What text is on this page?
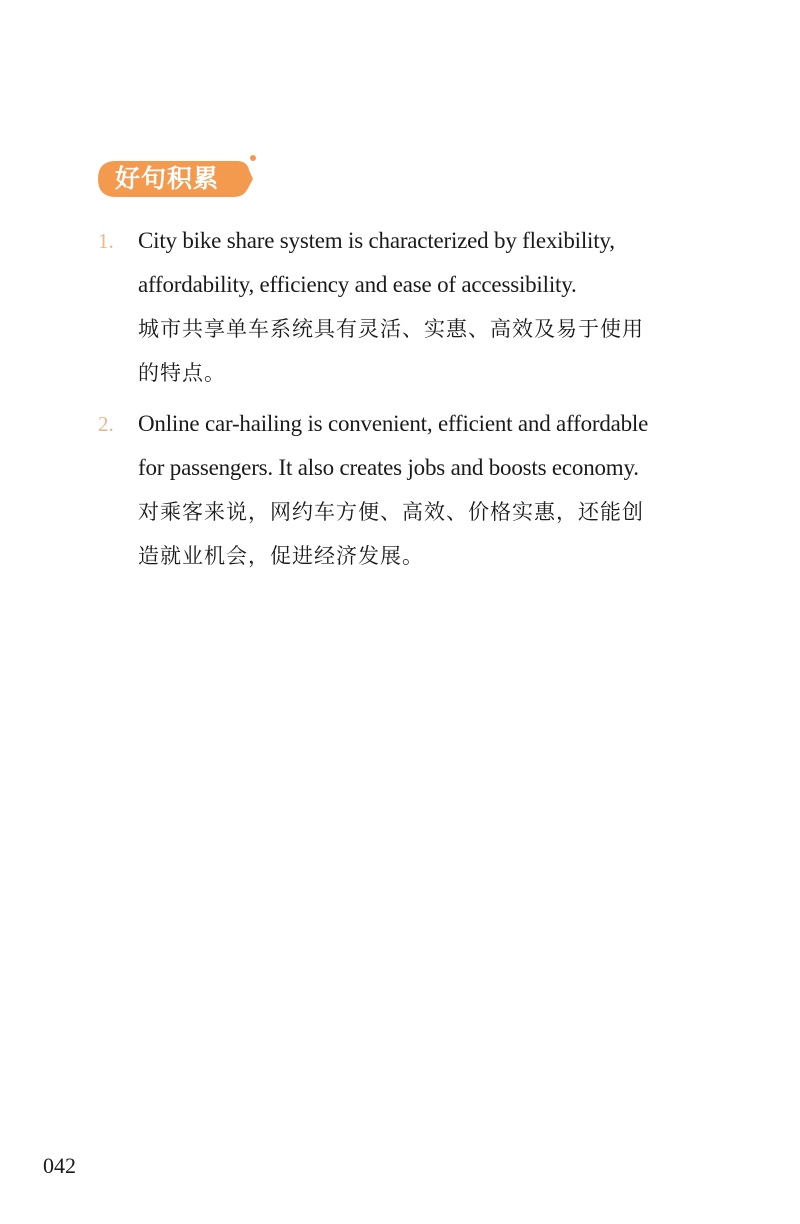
好句积累
1.	City bike share system is characterized by flexibility,
affordability, efficiency and ease of accessibility.
城市共享单车系统具有灵活、实惠、高效及易于使用
的特点。
2.	Online car-hailing is convenient, efficient and affordable
for passengers. It also creates jobs and boosts economy.
对乘客来说，网约车方便、高效、价格实惠，还能创
造就业机会，促进经济发展。
042
